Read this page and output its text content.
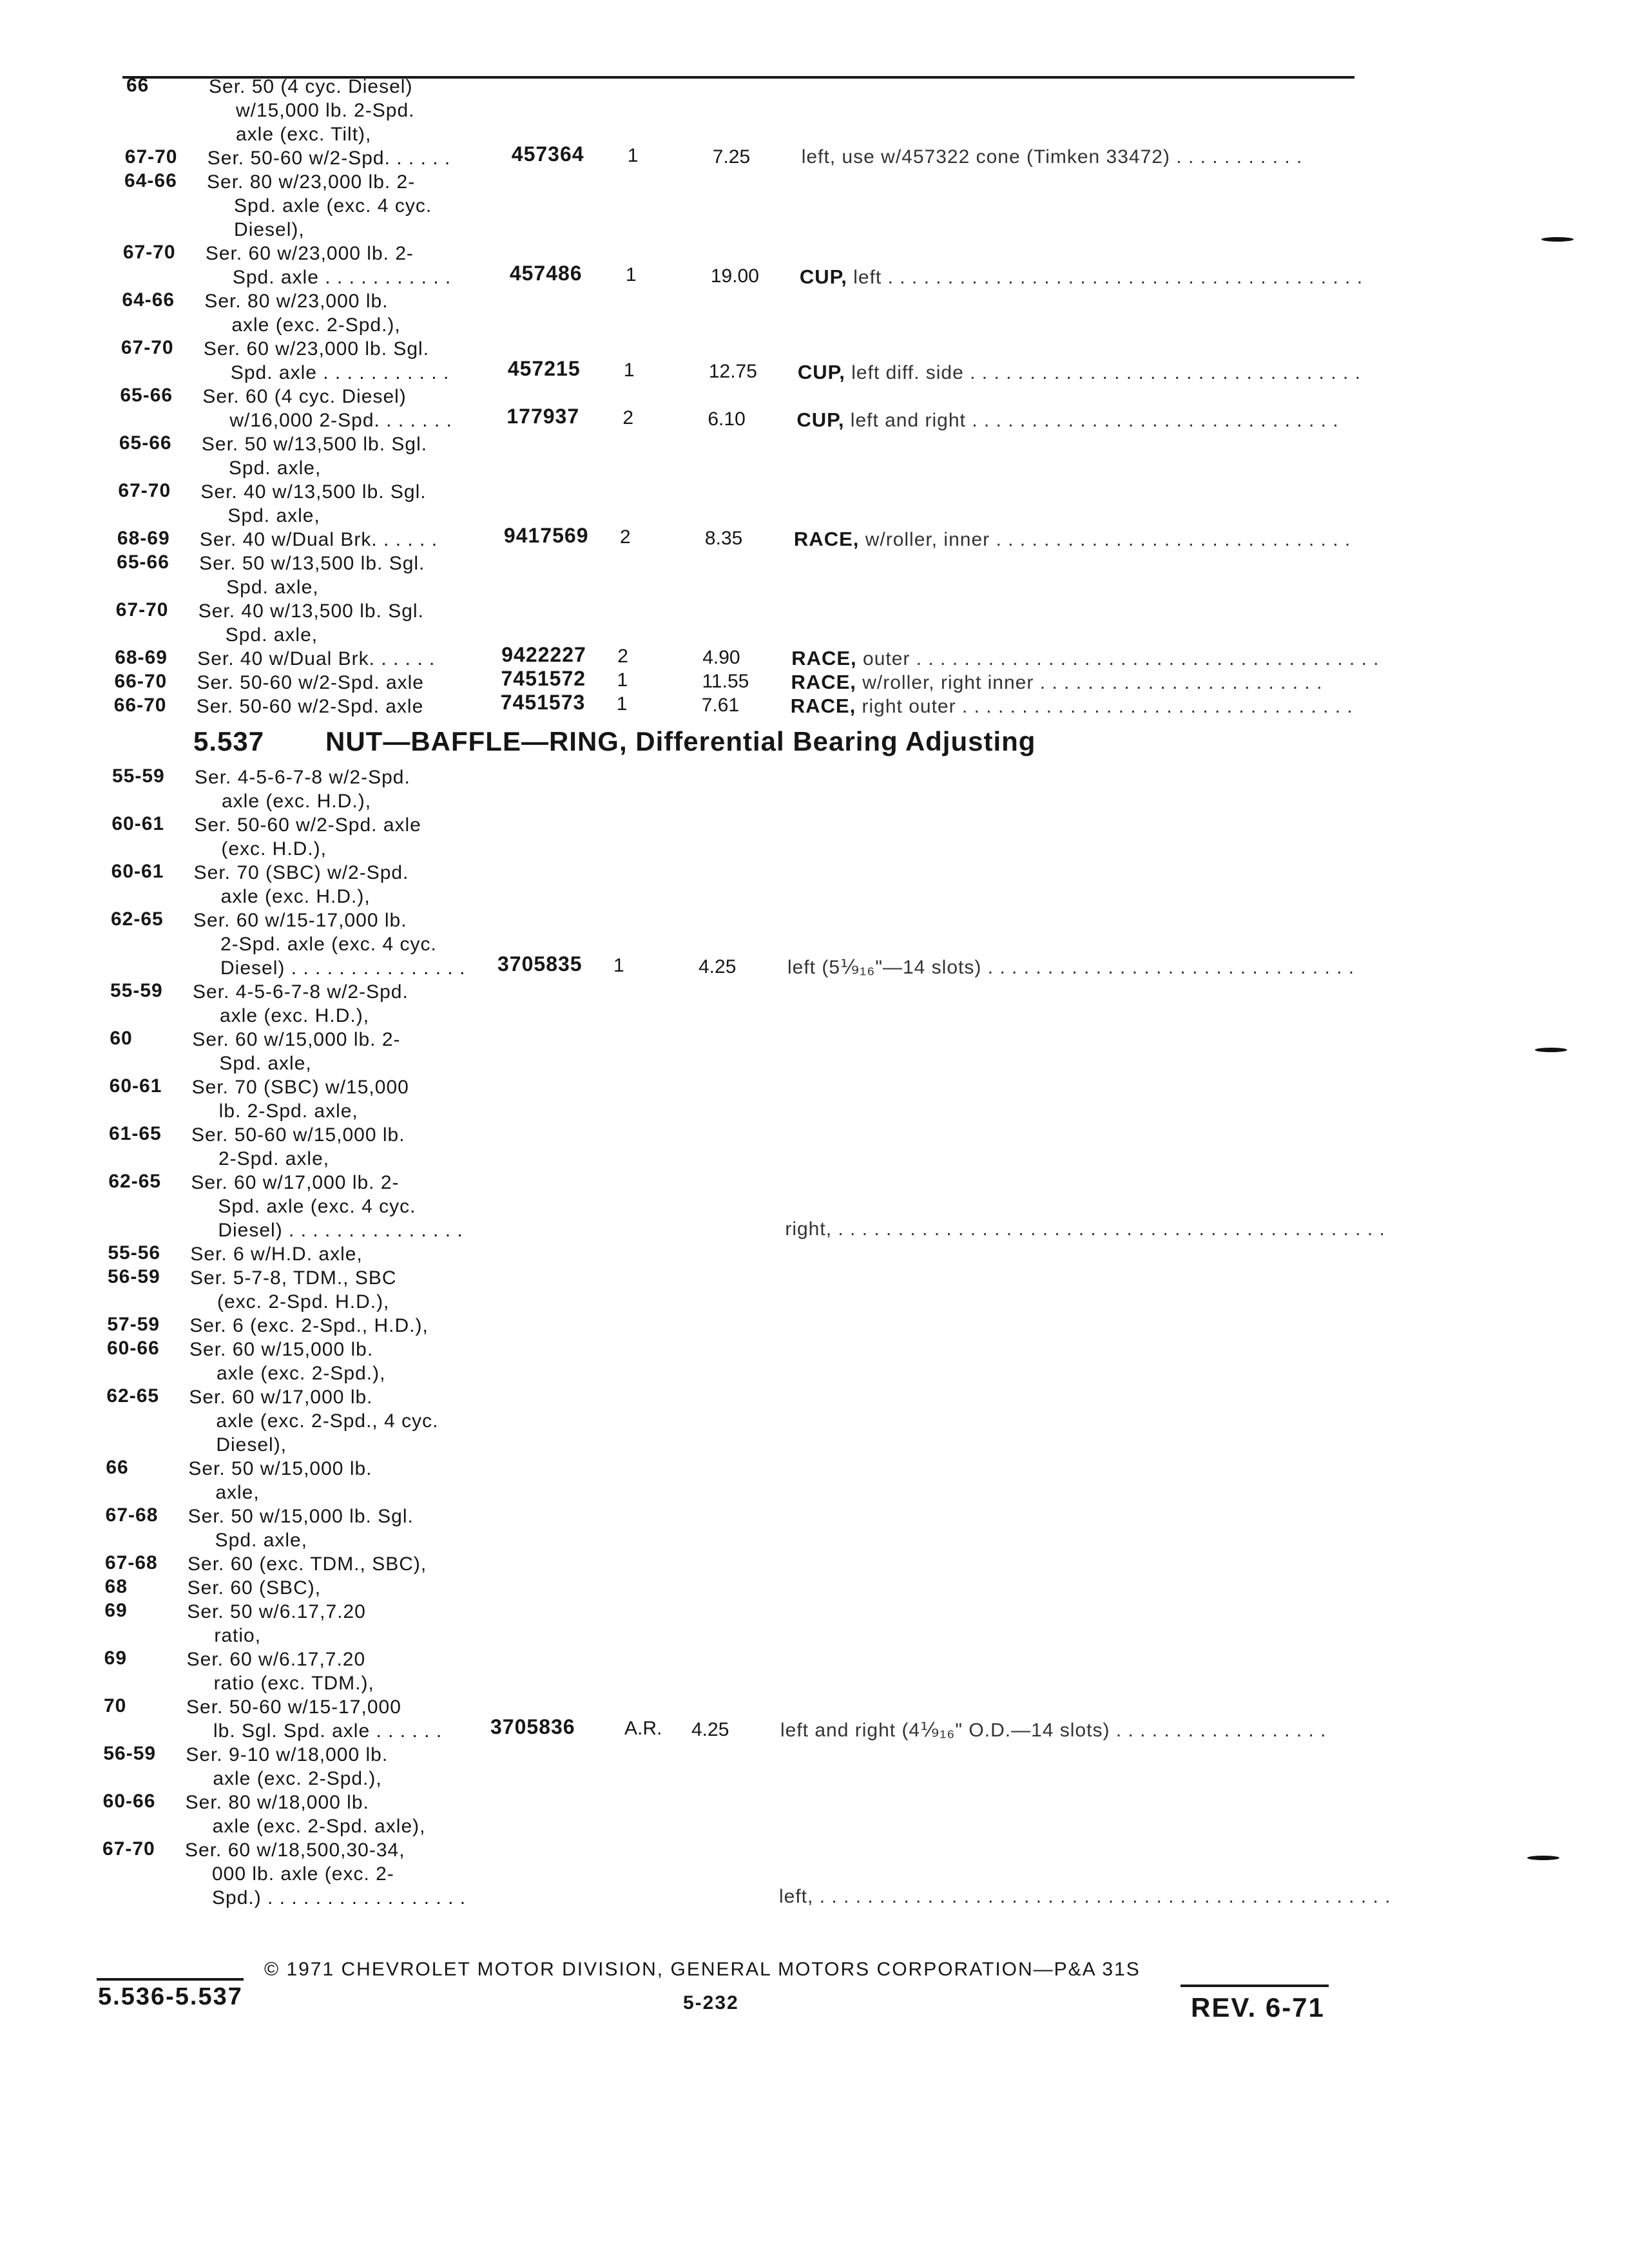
66	Ser. 50 (4 cyc. Diesel)
w/15,000 lb. 2-Spd.
axle (exc. Tilt),
67-70 Ser. 50-60 w/2-Spd. . . . . .	457364 1	7.25	left, use w/457322 cone (Timken 33472) . . . . . . . . . . .
64-66 Ser. 80 w/23,000 lb. 2-
Spd. axle (exc. 4 cyc.
Diesel),
67-70 Ser. 60 w/23,000 lb. 2-
Spd. axle . . . . . . . . . . .	457486 1	19.00 CUP, left . . . . . . . . . . . . . . . . . . . . . . . . . . . . . . . . . . . . . . . .
64-66 Ser. 80 w/23,000 lb.
axle (exc. 2-Spd.),
67-70 Ser. 60 w/23,000 lb. Sgl.
Spd. axle . . . . . . . . . . .	457215 1	12.75 CUP, left diff. side . . . . . . . . . . . . . . . . . . . . . . . . . . . . . . . . .
65-66 Ser. 60 (4 cyc. Diesel)
w/16,000 2-Spd. . . . . . .	177937 2	6.10	CUP, left and right . . . . . . . . . . . . . . . . . . . . . . . . . . . . . . .
65-66 Ser. 50 w/13,500 lb. Sgl.
Spd. axle,
67-70 Ser. 40 w/13,500 lb. Sgl.
Spd. axle,
68-69 Ser. 40 w/Dual Brk. . . . . .	9417569 2	8.35	RACE, w/roller, inner . . . . . . . . . . . . . . . . . . . . . . . . . . . . . .
65-66 Ser. 50 w/13,500 lb. Sgl.
Spd. axle,
67-70 Ser. 40 w/13,500 lb. Sgl.
Spd. axle,
68-69 Ser. 40 w/Dual Brk. . . . . .	9422227 2	4.90	RACE, outer . . . . . . . . . . . . . . . . . . . . . . . . . . . . . . . . . . . . . . .
66-70 Ser. 50-60 w/2-Spd. axle	7451572 1	11.55 RACE, w/roller, right inner . . . . . . . . . . . . . . . . . . . . . . . .
66-70 Ser. 50-60 w/2-Spd. axle	7451573 1	7.61	RACE, right outer . . . . . . . . . . . . . . . . . . . . . . . . . . . . . . . . .
5.537 NUT—BAFFLE—RING, Differential Bearing Adjusting
55-59 Ser. 4-5-6-7-8 w/2-Spd.
axle (exc. H.D.),
60-61 Ser. 50-60 w/2-Spd. axle
(exc. H.D.),
60-61 Ser. 70 (SBC) w/2-Spd.
axle (exc. H.D.),
62-65 Ser. 60 w/15-17,000 lb.
2-Spd. axle (exc. 4 cyc.
Diesel) . . . . . . . . . . . . . . . 3705835 1	4.25	left (5⅑₁₆"—14 slots) . . . . . . . . . . . . . . . . . . . . . . . . . . . . . . .
55-59 Ser. 4-5-6-7-8 w/2-Spd.
axle (exc. H.D.),
60	Ser. 60 w/15,000 lb. 2-
Spd. axle,
60-61 Ser. 70 (SBC) w/15,000
lb. 2-Spd. axle,
61-65 Ser. 50-60 w/15,000 lb.
2-Spd. axle,
62-65 Ser. 60 w/17,000 lb. 2-
Spd. axle (exc. 4 cyc.
Diesel) . . . . . . . . . . . . . . .	right, . . . . . . . . . . . . . . . . . . . . . . . . . . . . . . . . . . . . . . . . . . . . . .
55-56 Ser. 6 w/H.D. axle,
56-59 Ser. 5-7-8, TDM., SBC
(exc. 2-Spd. H.D.),
57-59 Ser. 6 (exc. 2-Spd., H.D.),
60-66 Ser. 60 w/15,000 lb.
axle (exc. 2-Spd.),
62-65 Ser. 60 w/17,000 lb.
axle (exc. 2-Spd., 4 cyc.
Diesel),
66	Ser. 50 w/15,000 lb.
axle,
67-68 Ser. 50 w/15,000 lb. Sgl.
Spd. axle,
67-68 Ser. 60 (exc. TDM., SBC),
68	Ser. 60 (SBC),
69	Ser. 50 w/6.17,7.20
ratio,
69	Ser. 60 w/6.17,7.20
ratio (exc. TDM.),
70	Ser. 50-60 w/15-17,000
lb. Sgl. Spd. axle . . . . . . 3705836	A.R. 4.25	left and right (4⅑₁₆" O.D.—14 slots) . . . . . . . . . . . . . . . . . .
56-59 Ser. 9-10 w/18,000 lb.
axle (exc. 2-Spd.),
60-66 Ser. 80 w/18,000 lb.
axle (exc. 2-Spd. axle),
67-70 Ser. 60 w/18,500,30-34,
000 lb. axle (exc. 2-
Spd.) . . . . . . . . . . . . . . . . .	left, . . . . . . . . . . . . . . . . . . . . . . . . . . . . . . . . . . . . . . . . . . . . . . . .
© 1971 CHEVROLET MOTOR DIVISION, GENERAL MOTORS CORPORATION—P&A 31S
5.536-5.537	5-232	REV. 6-71
